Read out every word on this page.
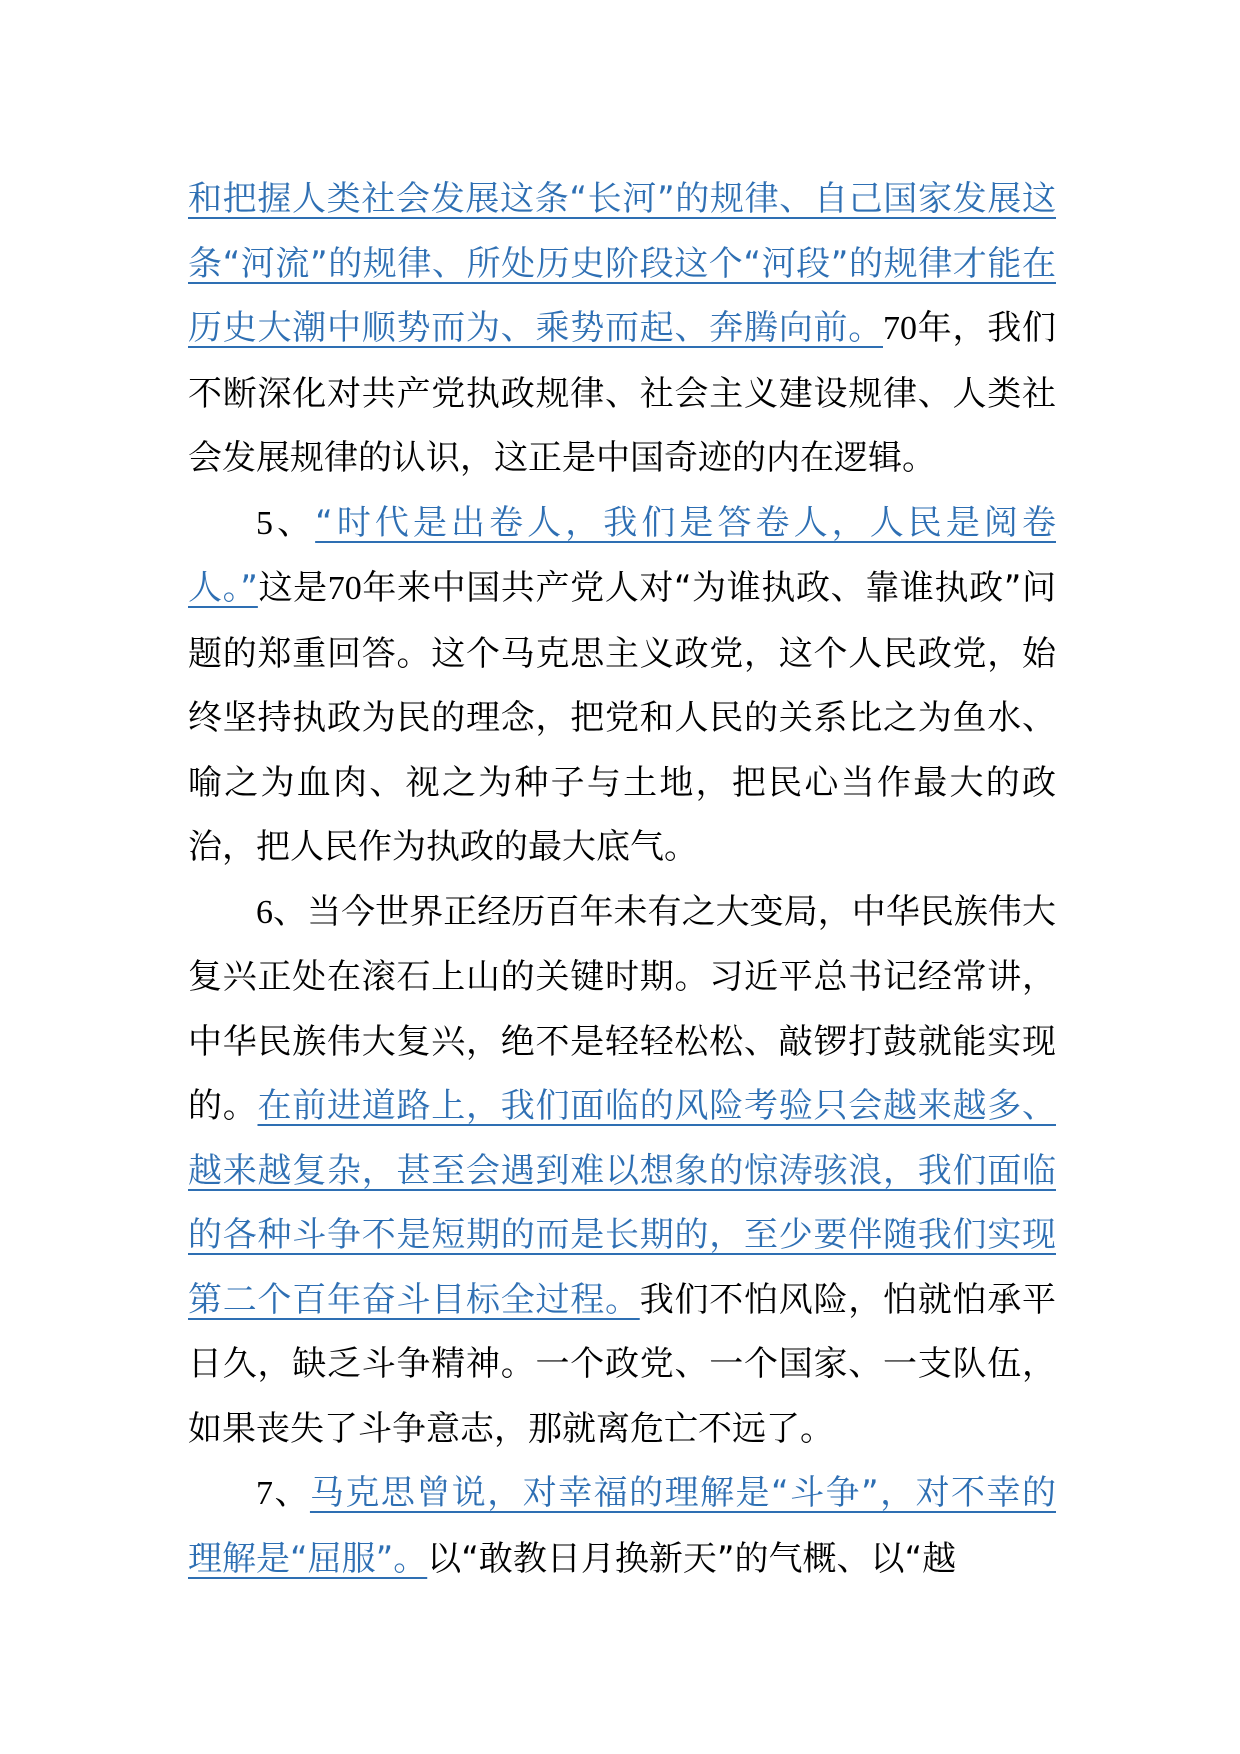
和把握人类社会发展这条“长河”的规律、自己国家发展这条“河流”的规律、所处历史阶段这个“河段”的规律才能在历史大潮中顺势而为、乘势而起、奔腾向前。70年，我们不断深化对共产党执政规律、社会主义建设规律、人类社会发展规律的认识，这正是中国奇迹的内在逻辑。

5、“时代是出卷人，我们是答卷人，人民是阅卷人。”这是70年来中国共产党人对“为谁执政、靠谁执政”问题的郑重回答。这个马克思主义政党，这个人民政党，始终坚持执政为民的理念，把党和人民的关系比之为鱼水、喻之为血肉、视之为种子与土地，把民心当作最大的政治，把人民作为执政的最大底气。

6、当今世界正经历百年未有之大变局，中华民族伟大复兴正处在滚石上山的关键时期。习近平总书记经常讲，中华民族伟大复兴，绝不是轻轻松松、敲锣打鼓就能实现的。在前进道路上，我们面临的风险考验只会越来越多、越来越复杂，甚至会遇到难以想象的惊涛骇浪，我们面临的各种斗争不是短期的而是长期的，至少要伴随我们实现第二个百年奋斗目标全过程。我们不怕风险，怕就怕承平日久，缺乏斗争精神。一个政党、一个国家、一支队伍，如果丧失了斗争意志，那就离危亡不远了。

7、马克思曾说，对幸福的理解是“斗争”，对不幸的理解是“屈服”。以“敢教日月换新天”的气概、以“越
